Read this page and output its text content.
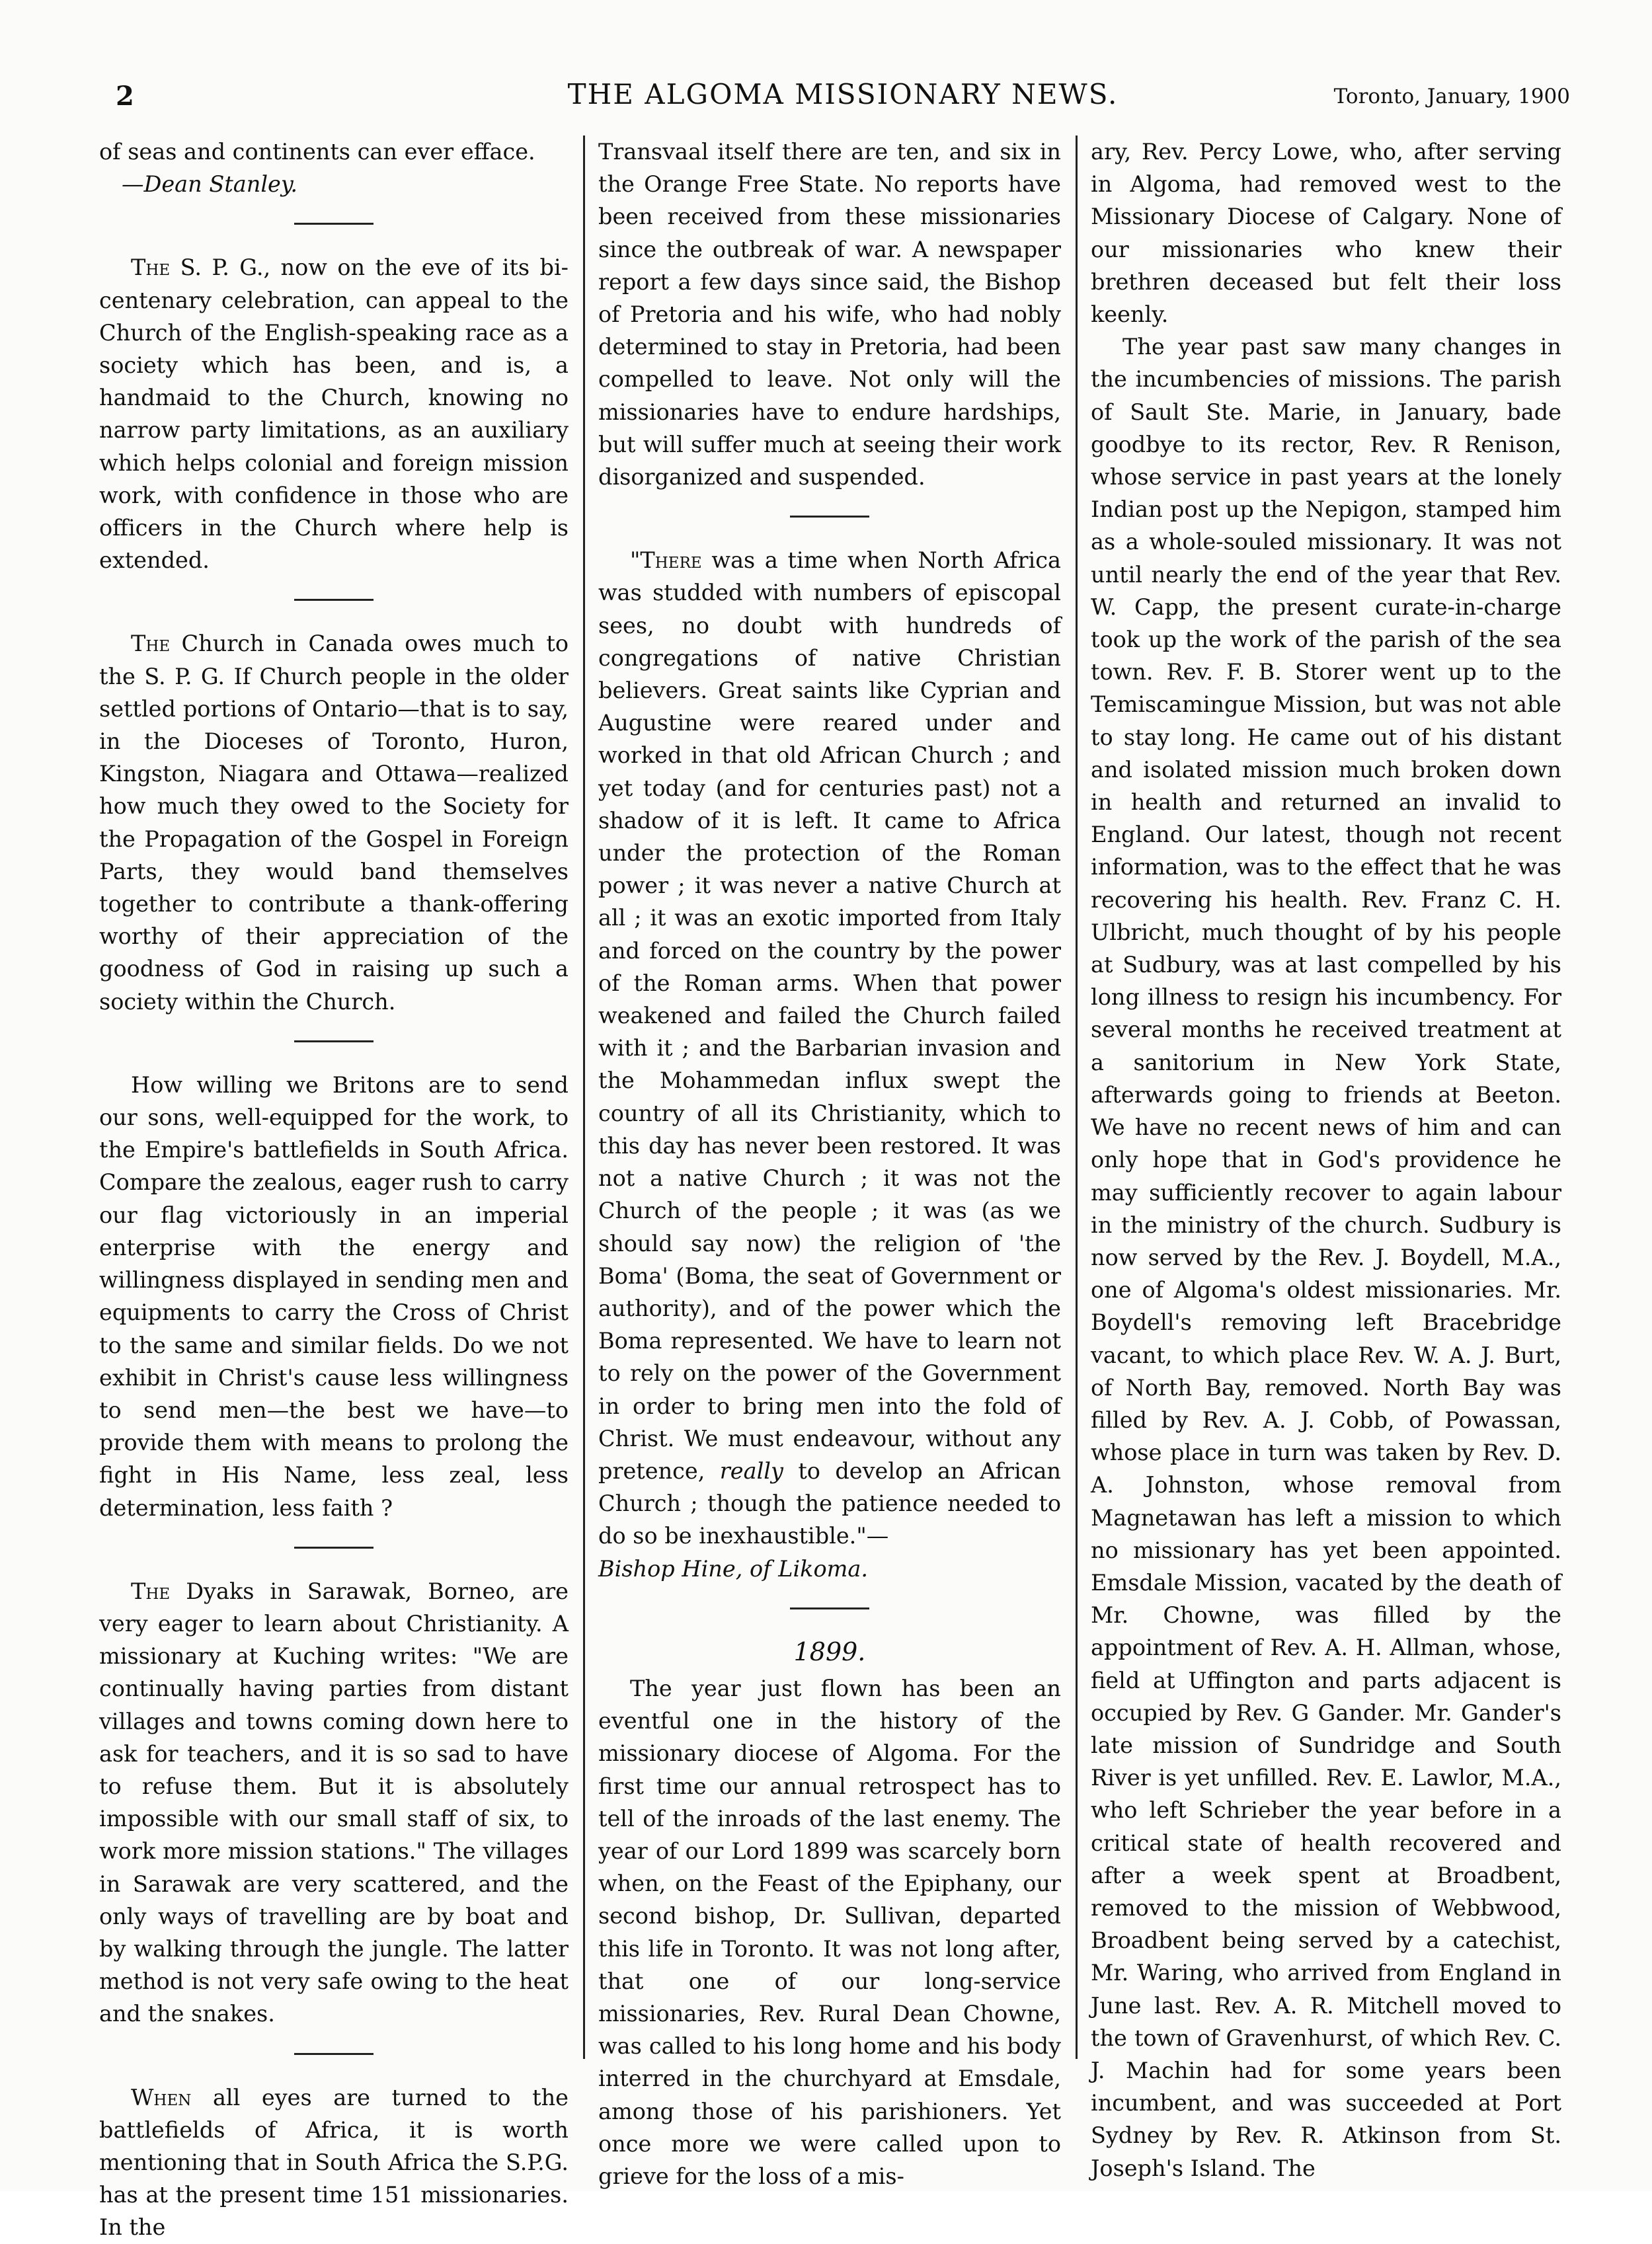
2	THE ALGOMA MISSIONARY NEWS.	Toronto, January, 1900

of seas and continents can ever efface.

—Dean Stanley.

The S. P. G., now on the eve of its bi-centenary celebration, can appeal to the Church of the English-speaking race as a society which has been, and is, a handmaid to the Church, knowing no narrow party limitations, as an auxiliary which helps colonial and foreign mission work, with confidence in those who are officers in the Church where help is extended.

The Church in Canada owes much to the S. P. G. If Church people in the older settled portions of Ontario—that is to say, in the Dioceses of Toronto, Huron, Kingston, Niagara and Ottawa—realized how much they owed to the Society for the Propagation of the Gospel in Foreign Parts, they would band themselves together to contribute a thank-offering worthy of their appreciation of the goodness of God in raising up such a society within the Church.

How willing we Britons are to send our sons, well-equipped for the work, to the Empire's battlefields in South Africa. Compare the zealous, eager rush to carry our flag victoriously in an imperial enterprise with the energy and willingness displayed in sending men and equipments to carry the Cross of Christ to the same and similar fields. Do we not exhibit in Christ's cause less willingness to send men—the best we have—to provide them with means to prolong the fight in His Name, less zeal, less determination, less faith ?

The Dyaks in Sarawak, Borneo, are very eager to learn about Christianity. A missionary at Kuching writes: "We are continually having parties from distant villages and towns coming down here to ask for teachers, and it is so sad to have to refuse them. But it is absolutely impossible with our small staff of six, to work more mission stations." The villages in Sarawak are very scattered, and the only ways of travelling are by boat and by walking through the jungle. The latter method is not very safe owing to the heat and the snakes.

When all eyes are turned to the battlefields of Africa, it is worth mentioning that in South Africa the S.P.G. has at the present time 151 missionaries. In the

Transvaal itself there are ten, and six in the Orange Free State. No reports have been received from these missionaries since the outbreak of war. A newspaper report a few days since said, the Bishop of Pretoria and his wife, who had nobly determined to stay in Pretoria, had been compelled to leave. Not only will the missionaries have to endure hardships, but will suffer much at seeing their work disorganized and suspended.

"There was a time when North Africa was studded with numbers of episcopal sees, no doubt with hundreds of congregations of native Christian believers. Great saints like Cyprian and Augustine were reared under and worked in that old African Church ; and yet today (and for centuries past) not a shadow of it is left. It came to Africa under the protection of the Roman power ; it was never a native Church at all ; it was an exotic imported from Italy and forced on the country by the power of the Roman arms. When that power weakened and failed the Church failed with it ; and the Barbarian invasion and the Mohammedan influx swept the country of all its Christianity, which to this day has never been restored. It was not a native Church ; it was not the Church of the people ; it was (as we should say now) the religion of 'the Boma' (Boma, the seat of Government or authority), and of the power which the Boma represented. We have to learn not to rely on the power of the Government in order to bring men into the fold of Christ. We must endeavour, without any pretence, really to develop an African Church ; though the patience needed to do so be inexhaustible."—

Bishop Hine, of Likoma.

1899.

The year just flown has been an eventful one in the history of the missionary diocese of Algoma. For the first time our annual retrospect has to tell of the inroads of the last enemy. The year of our Lord 1899 was scarcely born when, on the Feast of the Epiphany, our second bishop, Dr. Sullivan, departed this life in Toronto. It was not long after, that one of our long-service missionaries, Rev. Rural Dean Chowne, was called to his long home and his body interred in the churchyard at Emsdale, among those of his parishioners. Yet once more we were called upon to grieve for the loss of a mis-

ary, Rev. Percy Lowe, who, after serving in Algoma, had removed west to the Missionary Diocese of Calgary. None of our missionaries who knew their brethren deceased but felt their loss keenly.

The year past saw many changes in the incumbencies of missions. The parish of Sault Ste. Marie, in January, bade goodbye to its rector, Rev. R Renison, whose service in past years at the lonely Indian post up the Nepigon, stamped him as a whole-souled missionary. It was not until nearly the end of the year that Rev. W. Capp, the present curate-in-charge took up the work of the parish of the sea town. Rev. F. B. Storer went up to the Temiscamingue Mission, but was not able to stay long. He came out of his distant and isolated mission much broken down in health and returned an invalid to England. Our latest, though not recent information, was to the effect that he was recovering his health. Rev. Franz C. H. Ulbricht, much thought of by his people at Sudbury, was at last compelled by his long illness to resign his incumbency. For several months he received treatment at a sanitorium in New York State, afterwards going to friends at Beeton. We have no recent news of him and can only hope that in God's providence he may sufficiently recover to again labour in the ministry of the church. Sudbury is now served by the Rev. J. Boydell, M.A., one of Algoma's oldest missionaries. Mr. Boydell's removing left Bracebridge vacant, to which place Rev. W. A. J. Burt, of North Bay, removed. North Bay was filled by Rev. A. J. Cobb, of Powassan, whose place in turn was taken by Rev. D. A. Johnston, whose removal from Magnetawan has left a mission to which no missionary has yet been appointed. Emsdale Mission, vacated by the death of Mr. Chowne, was filled by the appointment of Rev. A. H. Allman, whose, field at Uffington and parts adjacent is occupied by Rev. G Gander. Mr. Gander's late mission of Sundridge and South River is yet unfilled. Rev. E. Lawlor, M.A., who left Schrieber the year before in a critical state of health recovered and after a week spent at Broadbent, removed to the mission of Webbwood, Broadbent being served by a catechist, Mr. Waring, who arrived from England in June last. Rev. A. R. Mitchell moved to the town of Gravenhurst, of which Rev. C. J. Machin had for some years been incumbent, and was succeeded at Port Sydney by Rev. R. Atkinson from St. Joseph's Island. The
